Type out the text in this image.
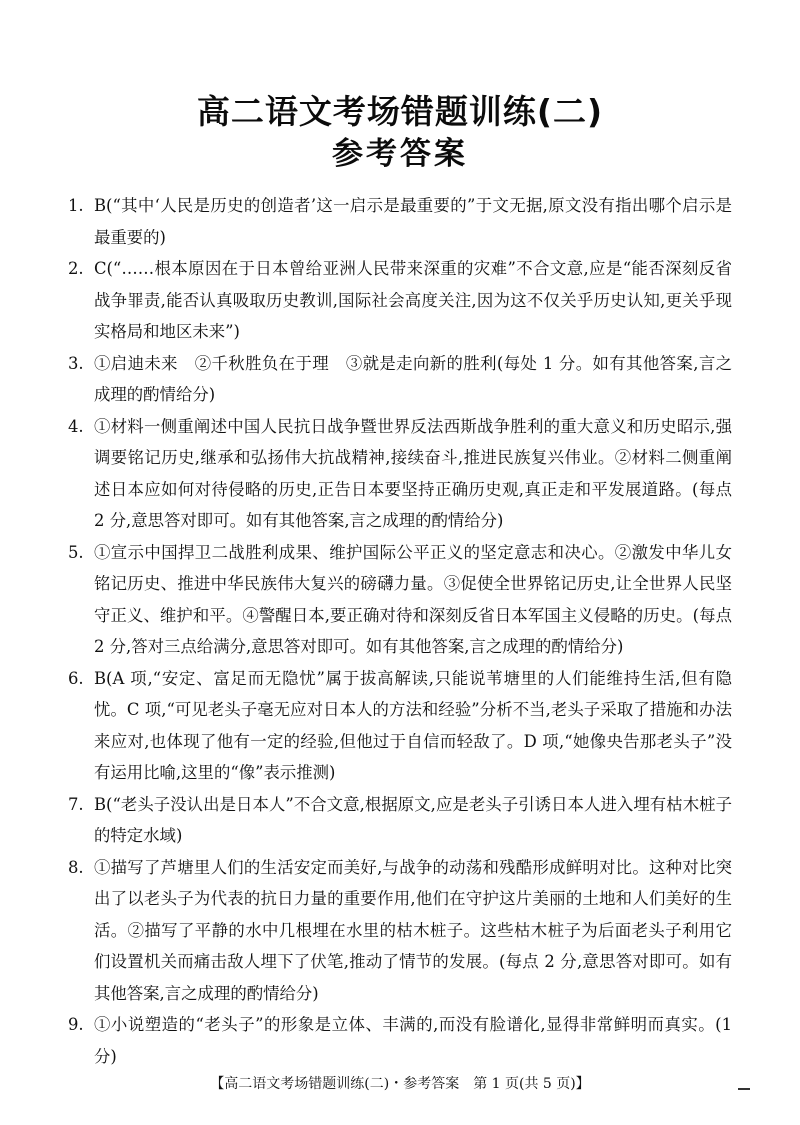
高二语文考场错题训练(二)
参考答案

1. B(“其中‘人民是历史的创造者’这一启示是最重要的”于文无据,原文没有指出哪个启示是最重要的)

2. C(“……根本原因在于日本曾给亚洲人民带来深重的灾难”不合文意,应是“能否深刻反省战争罪责,能否认真吸取历史教训,国际社会高度关注,因为这不仅关乎历史认知,更关乎现实格局和地区未来”)

3. ①启迪未来　②千秋胜负在于理　③就是走向新的胜利(每处 1 分。如有其他答案,言之成理的酌情给分)

4. ①材料一侧重阐述中国人民抗日战争暨世界反法西斯战争胜利的重大意义和历史昭示,强调要铭记历史,继承和弘扬伟大抗战精神,接续奋斗,推进民族复兴伟业。②材料二侧重阐述日本应如何对待侵略的历史,正告日本要坚持正确历史观,真正走和平发展道路。(每点 2 分,意思答对即可。如有其他答案,言之成理的酌情给分)

5. ①宣示中国捍卫二战胜利成果、维护国际公平正义的坚定意志和决心。②激发中华儿女铭记历史、推进中华民族伟大复兴的磅礴力量。③促使全世界铭记历史,让全世界人民坚守正义、维护和平。④警醒日本,要正确对待和深刻反省日本军国主义侵略的历史。(每点 2 分,答对三点给满分,意思答对即可。如有其他答案,言之成理的酌情给分)

6. B(A 项,“安定、富足而无隐忧”属于拔高解读,只能说苇塘里的人们能维持生活,但有隐忧。C 项,“可见老头子毫无应对日本人的方法和经验”分析不当,老头子采取了措施和办法来应对,也体现了他有一定的经验,但他过于自信而轻敌了。D 项,“她像央告那老头子”没有运用比喻,这里的“像”表示推测)

7. B(“老头子没认出是日本人”不合文意,根据原文,应是老头子引诱日本人进入埋有枯木桩子的特定水域)

8. ①描写了芦塘里人们的生活安定而美好,与战争的动荡和残酷形成鲜明对比。这种对比突出了以老头子为代表的抗日力量的重要作用,他们在守护这片美丽的土地和人们美好的生活。②描写了平静的水中几根埋在水里的枯木桩子。这些枯木桩子为后面老头子利用它们设置机关而痛击敌人埋下了伏笔,推动了情节的发展。(每点 2 分,意思答对即可。如有其他答案,言之成理的酌情给分)

9. ①小说塑造的“老头子”的形象是立体、丰满的,而没有脸谱化,显得非常鲜明而真实。(1 分)

【高二语文考场错题训练(二)・参考答案　第 1 页(共 5 页)】
